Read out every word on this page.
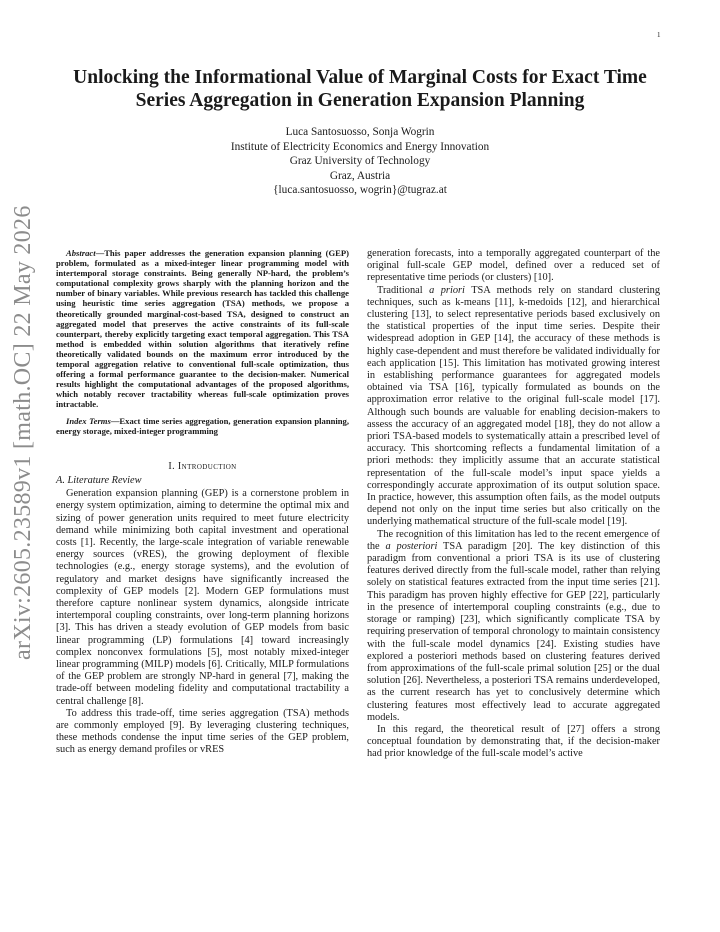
1
arXiv:2605.23589v1 [math.OC] 22 May 2026
Unlocking the Informational Value of Marginal Costs for Exact Time Series Aggregation in Generation Expansion Planning
Luca Santosuosso, Sonja Wogrin
Institute of Electricity Economics and Energy Innovation
Graz University of Technology
Graz, Austria
{luca.santosuosso, wogrin}@tugraz.at

Abstract—This paper addresses the generation expansion planning (GEP) problem, formulated as a mixed-integer linear programming model with intertemporal storage constraints. Being generally NP-hard, the problem’s computational complexity grows sharply with the planning horizon and the number of binary variables. While previous research has tackled this challenge using heuristic time series aggregation (TSA) methods, we propose a theoretically grounded marginal-cost-based TSA, designed to construct an aggregated model that preserves the active constraints of its full-scale counterpart, thereby explicitly targeting exact temporal aggregation. This TSA method is embedded within solution algorithms that iteratively refine theoretically validated bounds on the maximum error introduced by the temporal aggregation relative to conventional full-scale optimization, thus offering a formal performance guarantee to the decision-maker. Numerical results highlight the computational advantages of the proposed algorithms, which notably recover tractability whereas full-scale optimization proves intractable.

Index Terms—Exact time series aggregation, generation expansion planning, energy storage, mixed-integer programming

I. Introduction
A. Literature Review

Generation expansion planning (GEP) is a cornerstone problem in energy system optimization, aiming to determine the optimal mix and sizing of power generation units required to meet future electricity demand while minimizing both capital investment and operational costs [1]. Recently, the large-scale integration of variable renewable energy sources (vRES), the growing deployment of flexible technologies (e.g., energy storage systems), and the evolution of regulatory and market designs have significantly increased the complexity of GEP models [2]. Modern GEP formulations must therefore capture nonlinear system dynamics, alongside intricate intertemporal coupling constraints, over long-term planning horizons [3]. This has driven a steady evolution of GEP models from basic linear programming (LP) formulations [4] toward increasingly complex nonconvex formulations [5], most notably mixed-integer linear programming (MILP) models [6]. Critically, MILP formulations of the GEP problem are strongly NP-hard in general [7], making the trade-off between modeling fidelity and computational tractability a central challenge [8].

To address this trade-off, time series aggregation (TSA) methods are commonly employed [9]. By leveraging clustering techniques, these methods condense the input time series of the GEP problem, such as energy demand profiles or vRES

generation forecasts, into a temporally aggregated counterpart of the original full-scale GEP model, defined over a reduced set of representative time periods (or clusters) [10].

Traditional a priori TSA methods rely on standard clustering techniques, such as k-means [11], k-medoids [12], and hierarchical clustering [13], to select representative periods based exclusively on the statistical properties of the input time series. Despite their widespread adoption in GEP [14], the accuracy of these methods is highly case-dependent and must therefore be validated individually for each application [15]. This limitation has motivated growing interest in establishing performance guarantees for aggregated models obtained via TSA [16], typically formulated as bounds on the approximation error relative to the original full-scale model [17]. Although such bounds are valuable for enabling decision-makers to assess the accuracy of an aggregated model [18], they do not allow a priori TSA-based models to systematically attain a prescribed level of accuracy. This shortcoming reflects a fundamental limitation of a priori methods: they implicitly assume that an accurate statistical representation of the full-scale model’s input space yields a correspondingly accurate approximation of its output solution space. In practice, however, this assumption often fails, as the model outputs depend not only on the input time series but also critically on the underlying mathematical structure of the full-scale model [19].

The recognition of this limitation has led to the recent emergence of the a posteriori TSA paradigm [20]. The key distinction of this paradigm from conventional a priori TSA is its use of clustering features derived directly from the full-scale model, rather than relying solely on statistical features extracted from the input time series [21]. This paradigm has proven highly effective for GEP [22], particularly in the presence of intertemporal coupling constraints (e.g., due to storage or ramping) [23], which significantly complicate TSA by requiring preservation of temporal chronology to maintain consistency with the full-scale model dynamics [24]. Existing studies have explored a posteriori methods based on clustering features derived from approximations of the full-scale primal solution [25] or the dual solution [26]. Nevertheless, a posteriori TSA remains underdeveloped, as the current research has yet to conclusively determine which clustering features most effectively lead to accurate aggregated models.

In this regard, the theoretical result of [27] offers a strong conceptual foundation by demonstrating that, if the decision-maker had prior knowledge of the full-scale model’s active
